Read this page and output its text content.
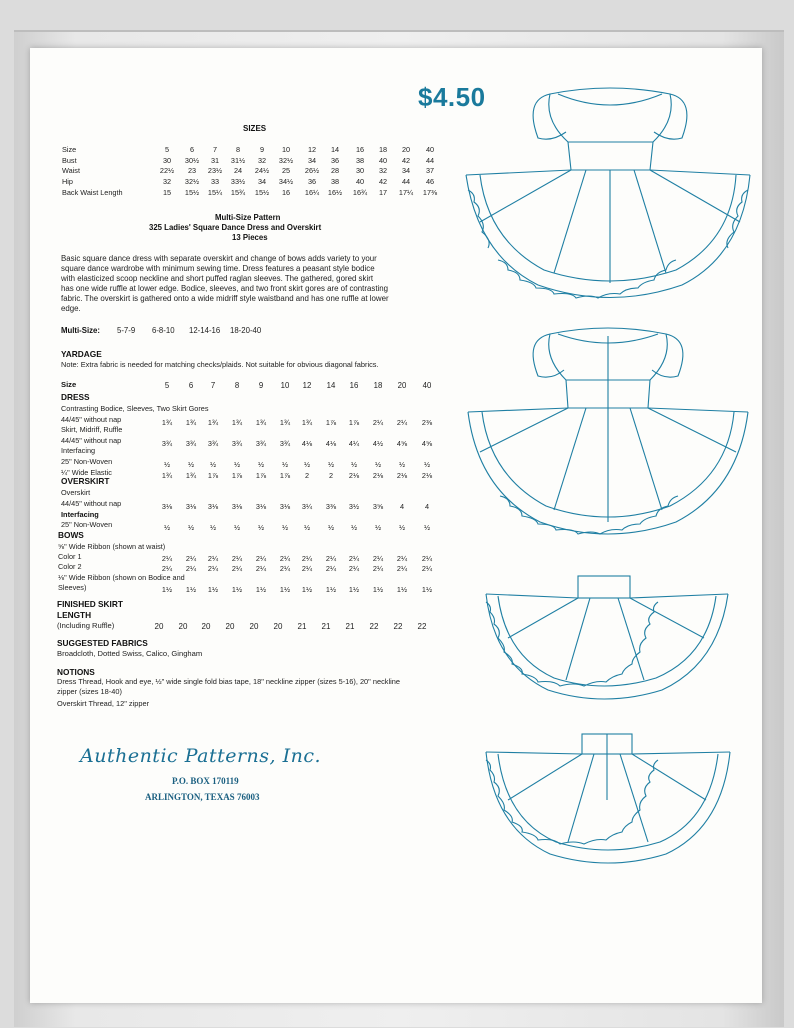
$4.50
SIZES
Size	5	6	7	8	9	10	12	14	16	18	20	40
Bust	30	30½	31	31½	32	32½	34	36	38	40	42	44
Waist	22½	23	23½	24	24½	25	26½	28	30	32	34	37
Hip	32	32½	33	33½	34	34½	36	38	40	42	44	46
Back Waist Length	15	15½	15¼	15¾	15½	16	16¼	16½	16¾	17	17¼	17⅜
Multi-Size Pattern
325 Ladies' Square Dance Dress and Overskirt
13 Pieces
Basic square dance dress with separate overskirt and change of bows adds variety to your
square dance wardrobe with minimum sewing time. Dress features a peasant style bodice
with elasticized scoop neckline and short puffed raglan sleeves. The gathered, gored skirt
has one wide ruffle at lower edge. Bodice, sleeves, and two front skirt gores are of contrasting
fabric. The overskirt is gathered onto a wide midriff style waistband and has one ruffle at lower
edge.
Multi-Size: 5-7-9 6-8-10 12-14-16 18-20-40
YARDAGE
Note: Extra fabric is needed for matching checks/plaids. Not suitable for obvious diagonal fabrics.
Size	5	6	7	8	9	10	12	14	16	18	20	40
DRESS
Contrasting Bodice, Sleeves, Two Skirt Gores
44/45" without nap	1¾	1¾	1¾	1¾	1¾	1¾	1¾	1⅞	1⅞	2¼	2¼	2⅜
Skirt, Midriff, Ruffle
44/45" without nap	3¾	3¾	3¾	3¾	3¾	3¾	4⅛	4⅛	4¼	4½	4⅝	4⅝
Interfacing
25" Non-Woven	½	½	½	½	½	½	½	½	½	½	½	½
¼" Wide Elastic	1¾	1¾	1⅞	1⅞	1⅞	1⅞	2	2	2⅛	2⅛	2⅛	2⅛
OVERSKIRT
Overskirt
44/45" without nap	3⅛	3⅛	3⅛	3⅛	3⅛	3⅛	3¼	3⅜	3½	3⅝	4	4
Interfacing
25" Non-Woven	½	½	½	½	½	½	½	½	½	½	½	½
BOWS
⅝" Wide Ribbon (shown at waist)
Color 1	2¼	2¼	2¼	2¼	2¼	2¼	2¼	2¼	2¼	2¼	2¼	2¼
Color 2	2¼	2¼	2¼	2¼	2¼	2¼	2¼	2¼	2¼	2¼	2¼	2¼
⅛" Wide Ribbon (shown on Bodice and
Sleeves)	1½	1½	1½	1½	1½	1½	1½	1½	1½	1½	1½	1½
FINISHED SKIRT
LENGTH
(Including Ruffle)	20	20	20	20	20	20	21	21	21	22	22	22
SUGGESTED FABRICS
Broadcloth, Dotted Swiss, Calico, Gingham
NOTIONS
Dress Thread, Hook and eye, ½" wide single fold bias tape, 18" neckline zipper (sizes 5-16), 20" neckline
zipper (sizes 18-40)
Overskirt Thread, 12" zipper
Authentic Patterns, Inc.
P.O. BOX 170119
ARLINGTON, TEXAS 76003
